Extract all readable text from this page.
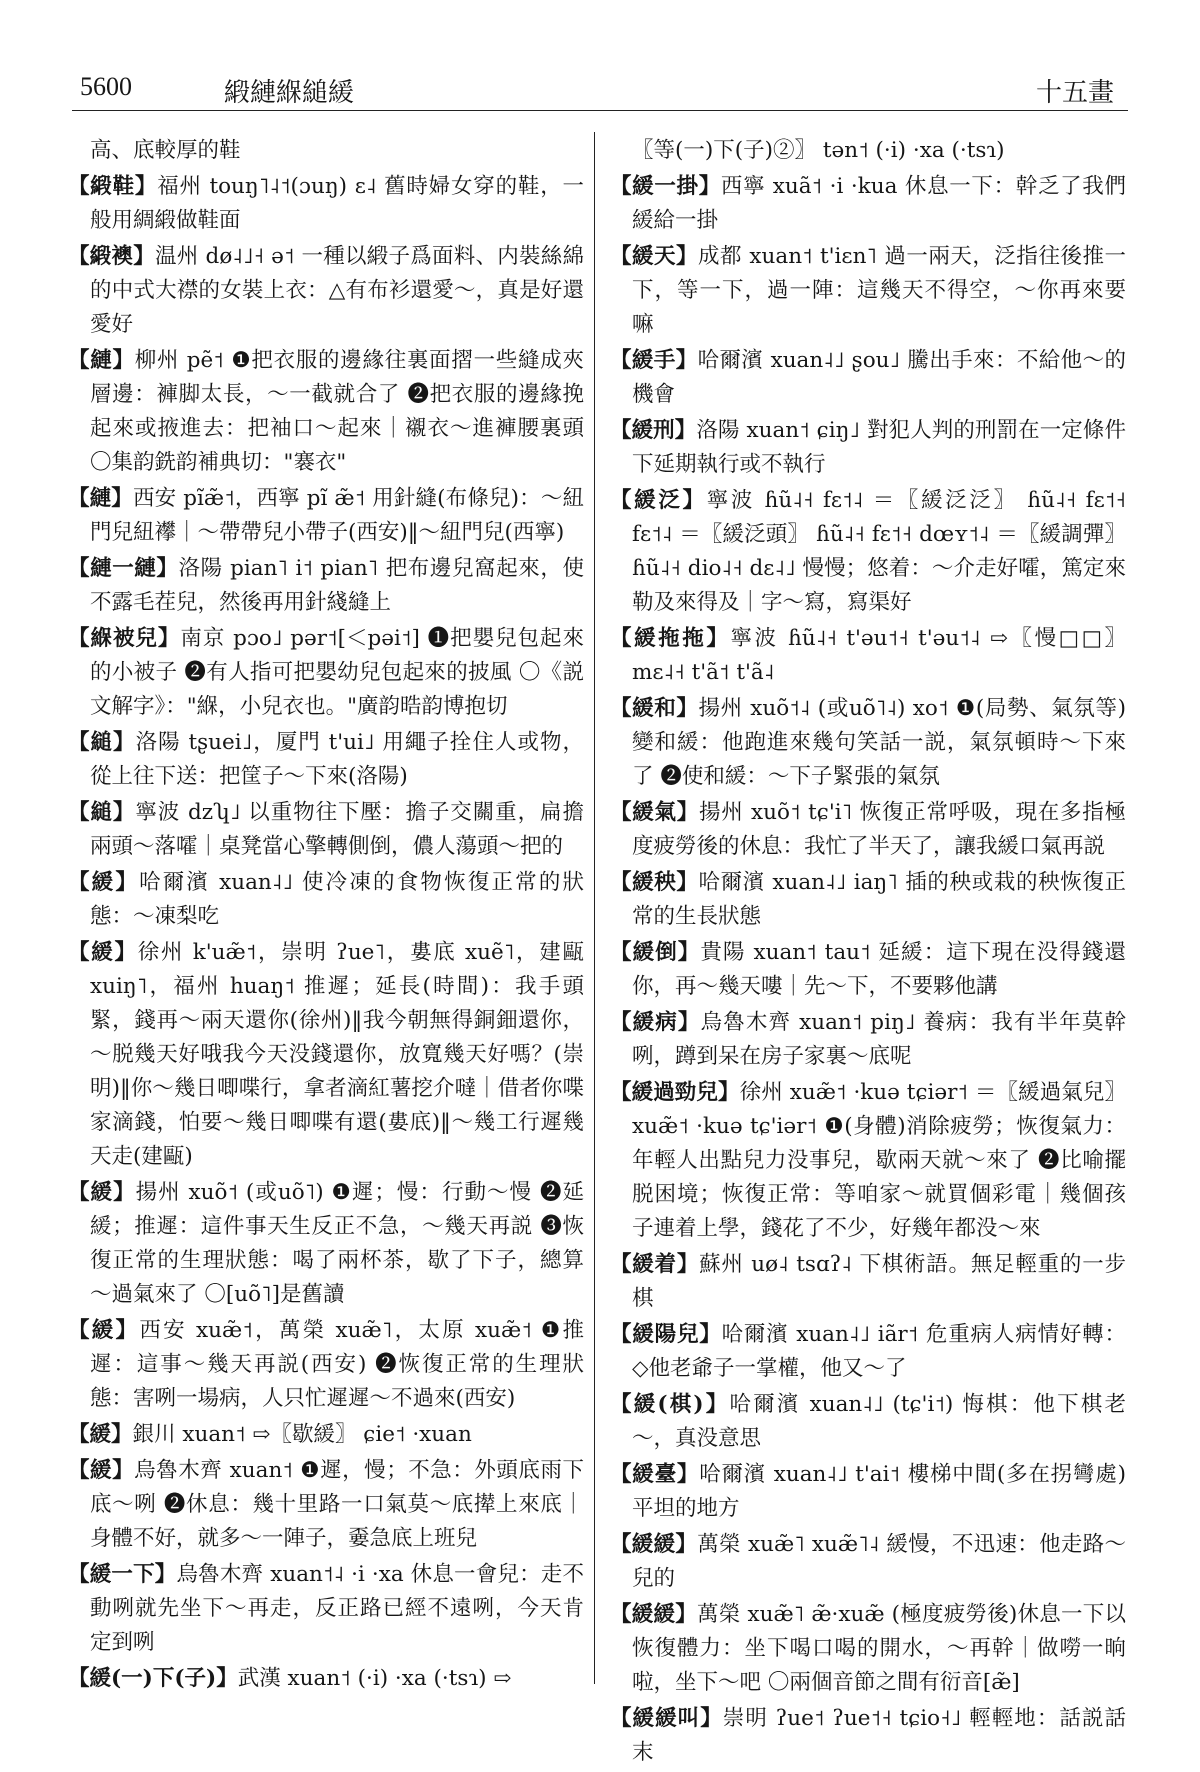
5600	緞縺緥縋緩	十五畫

高、底較厚的鞋

【緞鞋】福州 touŋ˥˨˦(ɔuŋ) ɛ˨ 舊時婦女穿的鞋，一般用綢緞做鞋面

【緞襖】温州 dø˨˩˧ ə˦ 一種以緞子爲面料、内裝絲綿的中式大襟的女裝上衣：△有布衫還愛～，真是好還愛好

【縺】柳州 pẽ˦ ❶把衣服的邊緣往裏面摺一些縫成夾層邊：褲脚太長，～一截就合了 ❷把衣服的邊緣挽起來或掖進去：把袖口～起來｜襯衣～進褲腰裏頭 〇集韵銑韵補典切："褰衣"

【縺】西安 pĩæ̃˦，西寧 pĩ æ̃˦ 用針縫(布條兒)：～紐門兒紐襻｜～帶帶兒小帶子(西安)‖～紐門兒(西寧)

【縺一縺】洛陽 pian˥ i˦ pian˥ 把布邊兒窩起來，使不露毛茬兒，然後再用針綫縫上

【緥被兒】南京 pɔo˩ pər˦[＜pəi˦] ❶把嬰兒包起來的小被子 ❷有人指可把嬰幼兒包起來的披風 〇《説文解字》："緥，小兒衣也。"廣韵晧韵博抱切

【縋】洛陽 tʂuei˩，厦門 t'ui˩ 用繩子拴住人或物，從上往下送：把筐子～下來(洛陽)

【縋】寧波 dzʮ˩ 以重物往下壓：擔子交關重，扁擔兩頭～落嚯｜桌凳當心擎轉側倒，儂人蕩頭～把的

【緩】哈爾濱 xuan˨˩ 使冷凍的食物恢復正常的狀態：～凍梨吃

【緩】徐州 k'uæ̃˦，崇明 ʔue˥，婁底 xuẽ˥，建甌 xuiŋ˥，福州 huaŋ˦ 推遲；延長(時間)：我手頭緊，錢再～兩天還你(徐州)‖我今朝無得銅鈿還你，～脱幾天好哦我今天没錢還你，放寬幾天好嗎？(崇明)‖你～幾日唧喋行，拿者滴紅薯挖介噠｜借者你喋家滴錢，怕要～幾日唧喋有還(婁底)‖～幾工行遲幾天走(建甌)

【緩】揚州 xuõ˦ (或uõ˥) ❶遲；慢：行動～慢 ❷延緩；推遲：這件事天生反正不急，～幾天再説 ❸恢復正常的生理狀態：喝了兩杯茶，歇了下子，總算～過氣來了 〇[uõ˥]是舊讀

【緩】西安 xuæ̃˦，萬榮 xuæ̃˥，太原 xuæ̃˦ ❶推遲：這事～幾天再説(西安) ❷恢復正常的生理狀態：害咧一場病，人只忙遲遲～不過來(西安)

【緩】銀川 xuan˦ ⇨〖歇緩〗 ɕie˦ ·xuan

【緩】烏魯木齊 xuan˦ ❶遲，慢；不急：外頭底雨下底～咧 ❷休息：幾十里路一口氣莫～底撵上來底｜身體不好，就多～一陣子，嫑急底上班兒

【緩一下】烏魯木齊 xuan˦˨ ·i ·xa 休息一會兒：走不動咧就先坐下～再走，反正路已經不遠咧，今天肯定到咧

【緩(一)下(子)】武漢 xuan˦ (·i) ·xa (·tsɿ) ⇨

〖等(一)下(子)②〗 tən˦ (·i) ·xa (·tsɿ)

【緩一掛】西寧 xuã˦ ·i ·kua 休息一下：幹乏了我們緩給一掛

【緩天】成都 xuan˦ t'iɛn˥ 過一兩天，泛指往後推一下，等一下，過一陣：這幾天不得空，～你再來要嘛

【緩手】哈爾濱 xuan˨˩ ʂou˩ 騰出手來：不給他～的機會

【緩刑】洛陽 xuan˦ ɕiŋ˩ 對犯人判的刑罰在一定條件下延期執行或不執行

【緩泛】寧波 ɦũ˨˧ fɛ˦˨ ＝〖緩泛泛〗 ɦũ˨˧ fɛ˦˧ fɛ˦˨ ＝〖緩泛頭〗 ɦũ˨˧ fɛ˦˧ dœʏ˦˨ ＝〖緩調彈〗 ɦũ˨˧ dio˨˧ dɛ˨˩ 慢慢；悠着：～介走好嚯，篤定來勒及來得及｜字～寫，寫渠好

【緩拖拖】寧波 ɦũ˨˧ t'əu˦˧ t'əu˦˨ ⇨〖慢□□〗 mɛ˨˧ t'ã˦ t'ã˨

【緩和】揚州 xuõ˦˨ (或uõ˥˨) xo˦ ❶(局勢、氣氛等)變和緩：他跑進來幾句笑話一説，氣氛頓時～下來了 ❷使和緩：～下子緊張的氣氛

【緩氣】揚州 xuõ˦ tɕ'i˥ 恢復正常呼吸，現在多指極度疲勞後的休息：我忙了半天了，讓我緩口氣再説

【緩秧】哈爾濱 xuan˨˩ iaŋ˥ 插的秧或栽的秧恢復正常的生長狀態

【緩倒】貴陽 xuan˦ tau˦ 延緩：這下現在没得錢還你，再～幾天嘍｜先～下，不要夥他講

【緩病】烏魯木齊 xuan˦ piŋ˩ 養病：我有半年莫幹咧，蹲到呆在房子家裏～底呢

【緩過勁兒】徐州 xuæ̃˦ ·kuə tɕiər˦ ＝〖緩過氣兒〗 xuæ̃˦ ·kuə tɕ'iər˦ ❶(身體)消除疲勞；恢復氣力：年輕人出點兒力没事兒，歇兩天就～來了 ❷比喻擺脱困境；恢復正常：等咱家～就買個彩電｜幾個孩子連着上學，錢花了不少，好幾年都没～來

【緩着】蘇州 uø˨ tsɑʔ˨ 下棋術語。無足輕重的一步棋

【緩陽兒】哈爾濱 xuan˨˩ iãr˦ 危重病人病情好轉：◇他老爺子一掌權，他又～了

【緩(棋)】哈爾濱 xuan˨˩ (tɕ'i˦) 悔棋：他下棋老～，真没意思

【緩臺】哈爾濱 xuan˨˩ t'ai˦ 樓梯中間(多在拐彎處)平坦的地方

【緩緩】萬榮 xuæ̃˥ xuæ̃˥˨ 緩慢，不迅速：他走路～兒的

【緩緩】萬榮 xuæ̃˥ æ̃·xuæ̃ (極度疲勞後)休息一下以恢復體力：坐下喝口喝的開水，～再幹｜做嘮一晌啦，坐下～吧 〇兩個音節之間有衍音[æ̃]

【緩緩叫】崇明 ʔue˦ ʔue˦˧ tɕio˧˩ 輕輕地：話説話末
